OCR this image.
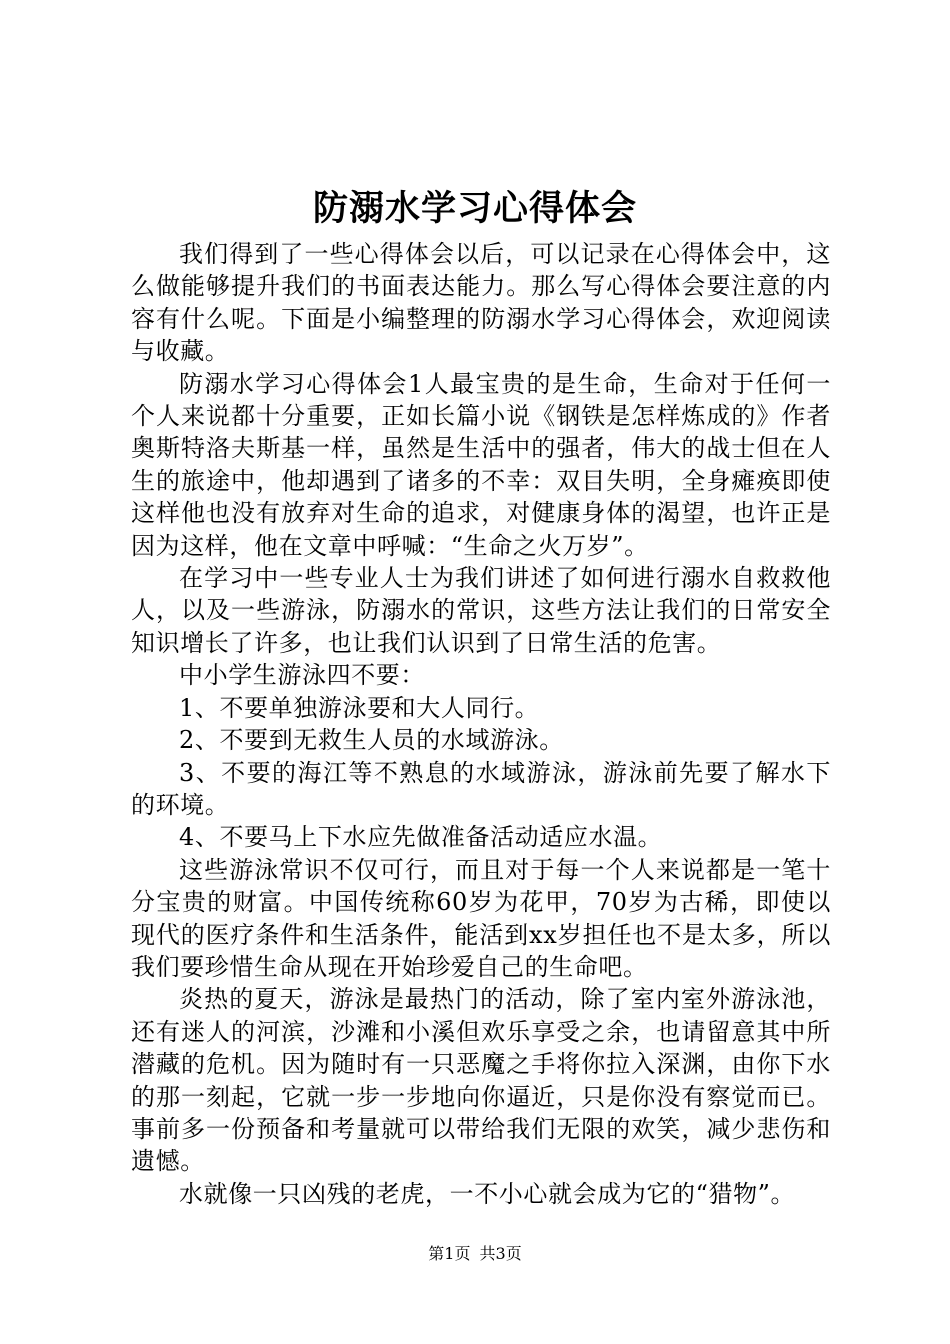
防溺水学习心得体会

我们得到了一些心得体会以后，可以记录在心得体会中，这么做能够提升我们的书面表达能力。那么写心得体会要注意的内容有什么呢。下面是小编整理的防溺水学习心得体会，欢迎阅读与收藏。

防溺水学习心得体会1人最宝贵的是生命，生命对于任何一个人来说都十分重要，正如长篇小说《钢铁是怎样炼成的》作者奥斯特洛夫斯基一样，虽然是生活中的强者，伟大的战士但在人生的旅途中，他却遇到了诸多的不幸：双目失明，全身瘫痪即使这样他也没有放弃对生命的追求，对健康身体的渴望，也许正是因为这样，他在文章中呼喊：“生命之火万岁”。

在学习中一些专业人士为我们讲述了如何进行溺水自救救他人，以及一些游泳，防溺水的常识，这些方法让我们的日常安全知识增长了许多，也让我们认识到了日常生活的危害。

中小学生游泳四不要：

1、不要单独游泳要和大人同行。

2、不要到无救生人员的水域游泳。

3、不要的海江等不熟息的水域游泳，游泳前先要了解水下的环境。

4、不要马上下水应先做准备活动适应水温。

这些游泳常识不仅可行，而且对于每一个人来说都是一笔十分宝贵的财富。中国传统称60岁为花甲，70岁为古稀，即使以现代的医疗条件和生活条件，能活到xx岁担任也不是太多，所以我们要珍惜生命从现在开始珍爱自己的生命吧。

炎热的夏天，游泳是最热门的活动，除了室内室外游泳池，还有迷人的河滨，沙滩和小溪但欢乐享受之余，也请留意其中所潜藏的危机。因为随时有一只恶魔之手将你拉入深渊，由你下水的那一刻起，它就一步一步地向你逼近，只是你没有察觉而已。事前多一份预备和考量就可以带给我们无限的欢笑，减少悲伤和遗憾。

水就像一只凶残的老虎，一不小心就会成为它的“猎物”。

第1页 共3页
